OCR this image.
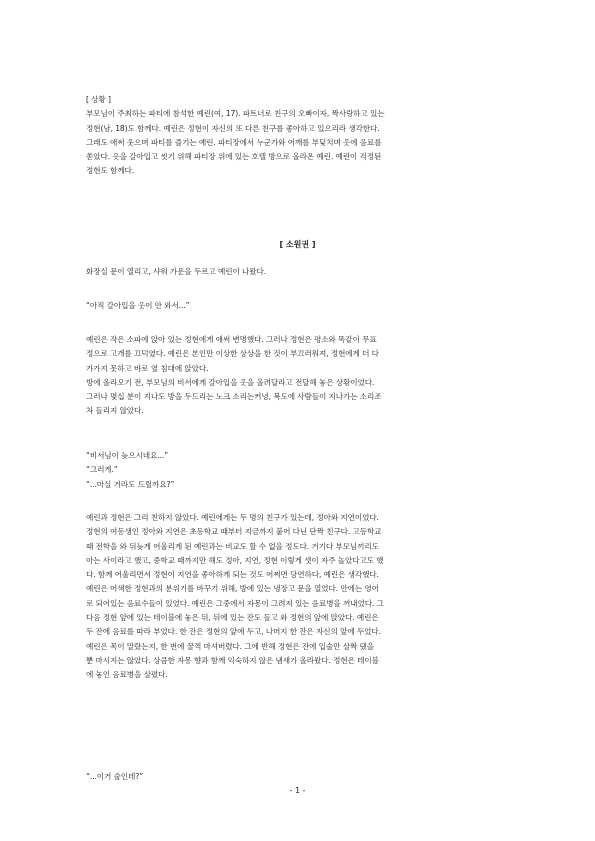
[ 상황 ]

부모님이 주최하는 파티에 참석한 예린(여, 17). 파트너로 친구의 오빠이자, 짝사랑하고 있는

정현(남, 18)도 함께다. 예린은 정현이 자신의 또 다른 친구를 좋아하고 있으리라 생각한다.

그래도 애써 웃으며 파티를 즐기는 예린. 파티장에서 누군가와 어깨를 부딪치며 옷에 음료를

쏟았다. 옷을 갈아입고 씻기 위해 파티장 위에 있는 호텔 방으로 올라온 예린. 예린이 걱정된

정현도 함께다.

[ 소원권 ]

화장실 문이 열리고, 샤워 가운을 두르고 예린이 나왔다.

“아직 갈아입을 옷이 안 와서...”

예린은 작은 소파에 앉아 있는 정현에게 애써 변명했다. 그러나 정현은 평소와 똑같이 무표

정으로 고개를 끄덕였다. 예린은 본인만 이상한 상상을 한 것이 부끄러워져, 정현에게 더 다

가가지 못하고 바로 옆 침대에 앉았다.

방에 올라오기 전, 부모님의 비서에게 갈아입을 옷을 올려달라고 전달해 놓은 상황이었다.

그러나 몇십 분이 지나도 방을 두드리는 노크 소리는커녕, 복도에 사람들이 지나가는 소리조

차 들리지 않았다.

“비서님이 늦으시네요...”

“그러게.”

“...마실 거라도 드릴까요?”

예린과 정현은 그리 친하지 않았다. 예린에게는 두 명의 친구가 있는데, 정아와 지연이었다.

정현의 여동생인 정아와 지연은 초등학교 때부터 지금까지 붙어 다닌 단짝 친구다. 고등학교

때 전학을 와 뒤늦게 어울리게 된 예린과는 비교도 할 수 없을 정도다. 거기다 부모님끼리도

아는 사이라고 했고, 중학교 때까지만 해도 정아, 지연, 정현 이렇게 셋이 자주 놀았다고도 했

다. 함께 어울리면서 정현이 지연을 좋아하게 되는 것도 어쩌면 당연하다, 예린은 생각했다.

예린은 어색한 정현과의 분위기를 바꾸기 위해, 방에 있는 냉장고 문을 열었다. 안에는 영어

로 되어있는 음료수들이 있었다. 예린은 그중에서 자몽이 그려져 있는 음료병을 꺼내었다. 그

다음 정현 앞에 있는 테이블에 놓은 뒤, 뒤에 있는 잔도 들고 와 정현의 앞에 앉았다. 예린은

두 잔에 음료를 따라 부었다. 한 잔은 정현의 앞에 두고, 나머지 한 잔은 자신의 앞에 두었다.

예린은 목이 말랐는지, 한 번에 꿀꺽 마셔버렸다. 그에 반해 정현은 잔에 입술만 살짝 댔을

뿐 마시지는 않았다. 상큼한 자몽 향과 함께 익숙하지 않은 냄새가 올라왔다. 정현은 테이블

에 놓인 음료병을 살폈다.

“...이거 술인데?”

- 1 -
